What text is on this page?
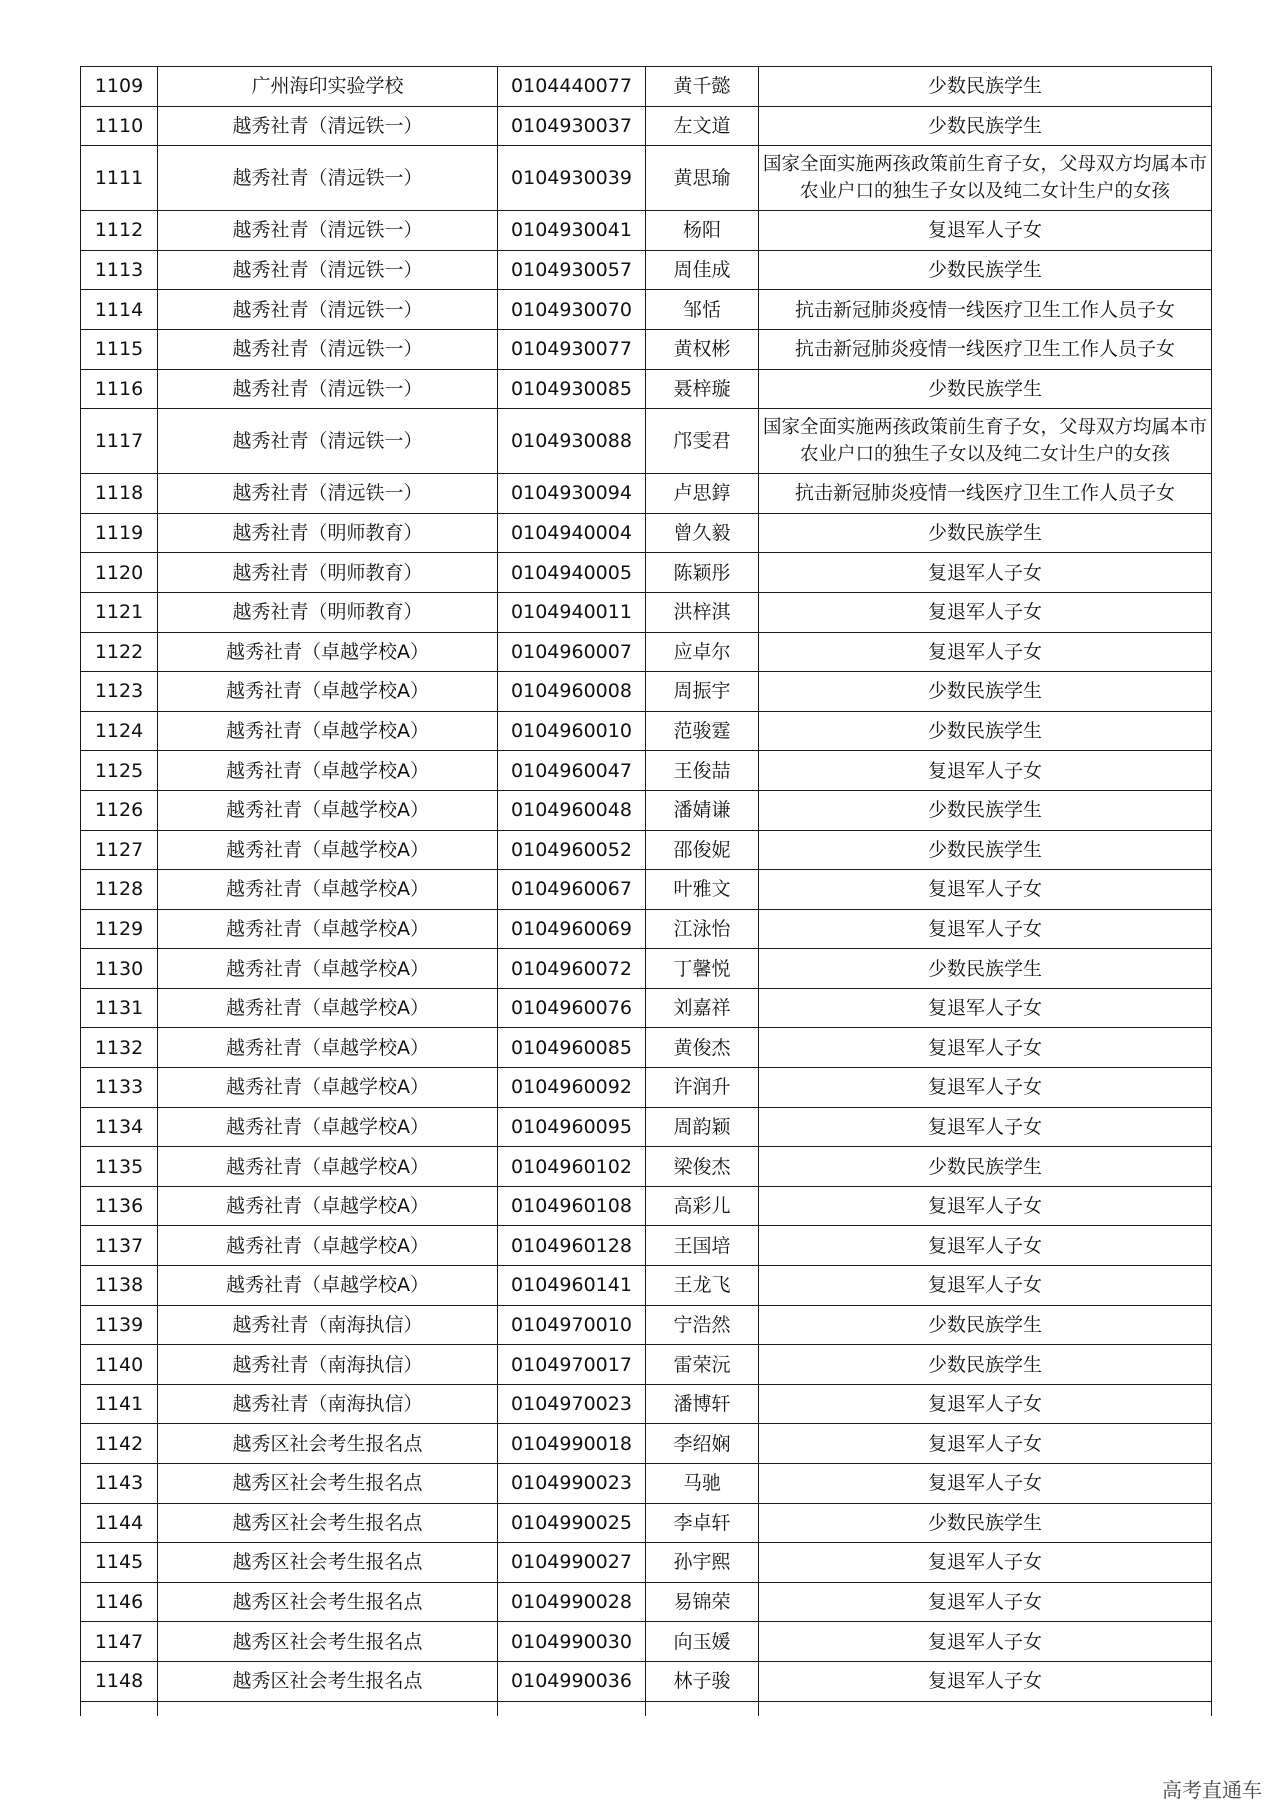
1109	广州海印实验学校	0104440077	黄千懿	少数民族学生
1110	越秀社青（清远铁一）	0104930037	左文道	少数民族学生
1111	越秀社青（清远铁一）	0104930039	黄思瑜	国家全面实施两孩政策前生育子女，父母双方均属本市农业户口的独生子女以及纯二女计生户的女孩
1112	越秀社青（清远铁一）	0104930041	杨阳	复退军人子女
1113	越秀社青（清远铁一）	0104930057	周佳成	少数民族学生
1114	越秀社青（清远铁一）	0104930070	邹恬	抗击新冠肺炎疫情一线医疗卫生工作人员子女
1115	越秀社青（清远铁一）	0104930077	黄权彬	抗击新冠肺炎疫情一线医疗卫生工作人员子女
1116	越秀社青（清远铁一）	0104930085	聂梓璇	少数民族学生
1117	越秀社青（清远铁一）	0104930088	邝雯君	国家全面实施两孩政策前生育子女，父母双方均属本市农业户口的独生子女以及纯二女计生户的女孩
1118	越秀社青（清远铁一）	0104930094	卢思錞	抗击新冠肺炎疫情一线医疗卫生工作人员子女
1119	越秀社青（明师教育）	0104940004	曾久毅	少数民族学生
1120	越秀社青（明师教育）	0104940005	陈颖彤	复退军人子女
1121	越秀社青（明师教育）	0104940011	洪梓淇	复退军人子女
1122	越秀社青（卓越学校A）	0104960007	应卓尔	复退军人子女
1123	越秀社青（卓越学校A）	0104960008	周振宇	少数民族学生
1124	越秀社青（卓越学校A）	0104960010	范骏霆	少数民族学生
1125	越秀社青（卓越学校A）	0104960047	王俊喆	复退军人子女
1126	越秀社青（卓越学校A）	0104960048	潘婧谦	少数民族学生
1127	越秀社青（卓越学校A）	0104960052	邵俊妮	少数民族学生
1128	越秀社青（卓越学校A）	0104960067	叶雅文	复退军人子女
1129	越秀社青（卓越学校A）	0104960069	江泳怡	复退军人子女
1130	越秀社青（卓越学校A）	0104960072	丁馨悦	少数民族学生
1131	越秀社青（卓越学校A）	0104960076	刘嘉祥	复退军人子女
1132	越秀社青（卓越学校A）	0104960085	黄俊杰	复退军人子女
1133	越秀社青（卓越学校A）	0104960092	许润升	复退军人子女
1134	越秀社青（卓越学校A）	0104960095	周韵颖	复退军人子女
1135	越秀社青（卓越学校A）	0104960102	梁俊杰	少数民族学生
1136	越秀社青（卓越学校A）	0104960108	高彩儿	复退军人子女
1137	越秀社青（卓越学校A）	0104960128	王国培	复退军人子女
1138	越秀社青（卓越学校A）	0104960141	王龙飞	复退军人子女
1139	越秀社青（南海执信）	0104970010	宁浩然	少数民族学生
1140	越秀社青（南海执信）	0104970017	雷荣沅	少数民族学生
1141	越秀社青（南海执信）	0104970023	潘博轩	复退军人子女
1142	越秀区社会考生报名点	0104990018	李绍娴	复退军人子女
1143	越秀区社会考生报名点	0104990023	马驰	复退军人子女
1144	越秀区社会考生报名点	0104990025	李卓轩	少数民族学生
1145	越秀区社会考生报名点	0104990027	孙宇熙	复退军人子女
1146	越秀区社会考生报名点	0104990028	易锦荣	复退军人子女
1147	越秀区社会考生报名点	0104990030	向玉媛	复退军人子女
1148	越秀区社会考生报名点	0104990036	林子骏	复退军人子女

高考直通车
